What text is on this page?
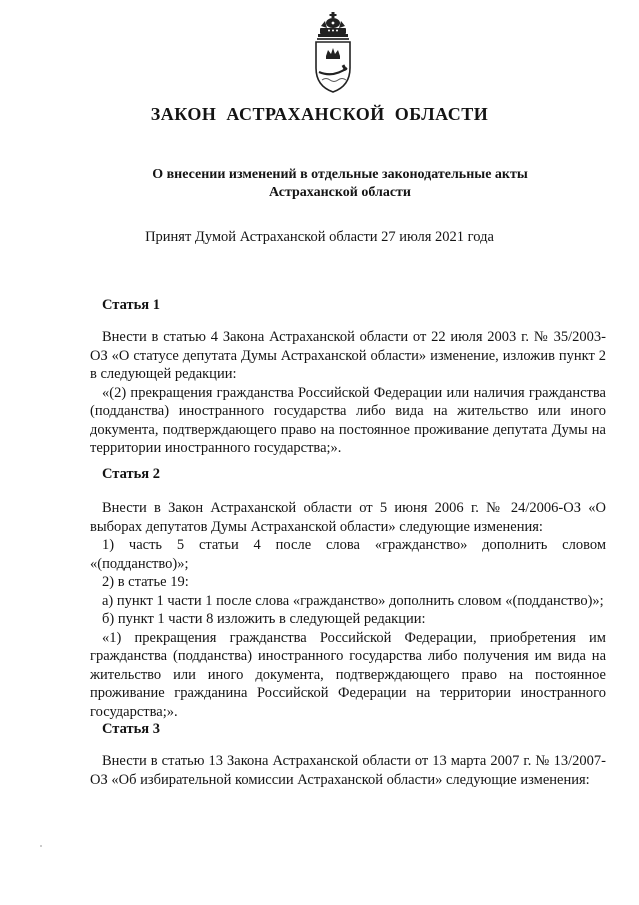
ЗАКОН АСТРАХАНСКОЙ ОБЛАСТИ
О внесении изменений в отдельные законодательные акты
Астраханской области
Принят Думой Астраханской области 27 июля 2021 года
Статья 1

Внести в статью 4 Закона Астраханской области от 22 июля 2003 г. № 35/2003-ОЗ «О статусе депутата Думы Астраханской области» изменение, изложив пункт 2 в следующей редакции:

«(2) прекращения гражданства Российской Федерации или наличия гражданства (подданства) иностранного государства либо вида на жительство или иного документа, подтверждающего право на постоянное проживание депутата Думы на территории иностранного государства;».

Статья 2

Внести в Закон Астраханской области от 5 июня 2006 г. № 24/2006-ОЗ «О выборах депутатов Думы Астраханской области» следующие изменения:

1) часть 5 статьи 4 после слова «гражданство» дополнить словом «(подданство)»;

2) в статье 19:

а) пункт 1 части 1 после слова «гражданство» дополнить словом «(подданство)»;

б) пункт 1 части 8 изложить в следующей редакции:

«1) прекращения гражданства Российской Федерации, приобретения им гражданства (подданства) иностранного государства либо получения им вида на жительство или иного документа, подтверждающего право на постоянное проживание гражданина Российской Федерации на территории иностранного государства;».

Статья 3

Внести в статью 13 Закона Астраханской области от 13 марта 2007 г. № 13/2007-ОЗ «Об избирательной комиссии Астраханской области» следующие изменения:
